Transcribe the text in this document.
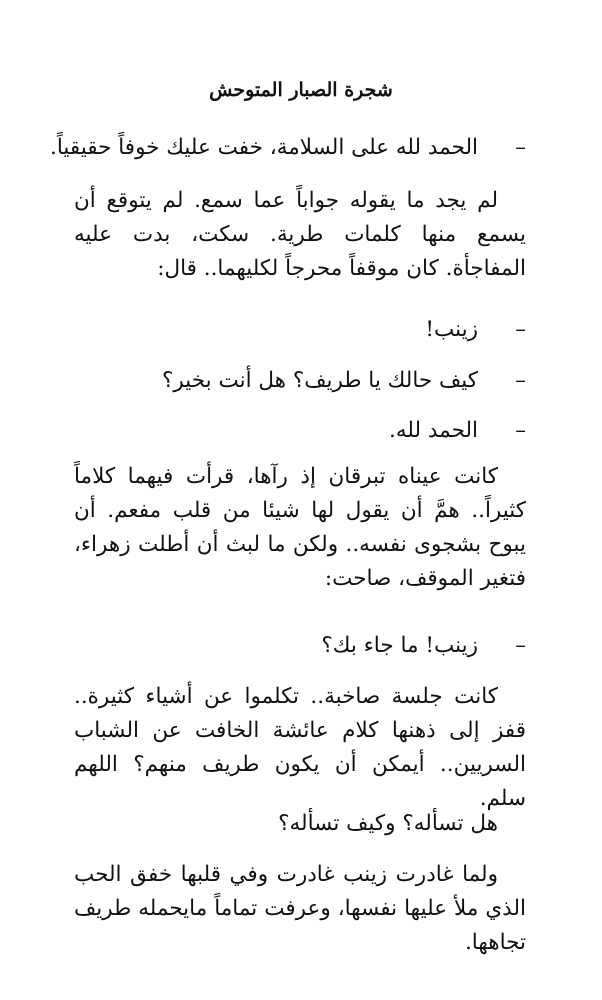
شجرة الصبار المتوحش
–الحمد لله على السلامة، خفت عليك خوفاً حقيقياً.
لم يجد ما يقوله جواباً عما سمع. لم يتوقع أن يسمع منها كلمات طرية. سكت، بدت عليه المفاجأة. كان موقفاً محرجاً لكليهما.. قال:
–زينب!
–كيف حالك يا طريف؟ هل أنت بخير؟
–الحمد لله.
كانت عيناه تبرقان إذ رآها، قرأت فيهما كلاماً كثيراً.. همَّ أن يقول لها شيئا من قلب مفعم. أن يبوح بشجوى نفسه.. ولكن ما لبث أن أطلت زهراء، فتغير الموقف، صاحت:
–زينب! ما جاء بك؟
كانت جلسة صاخبة.. تكلموا عن أشياء كثيرة.. قفز إلى ذهنها كلام عائشة الخافت عن الشباب السريين.. أيمكن أن يكون طريف منهم؟ اللهم سلم.
هل تسأله؟ وكيف تسأله؟
ولما غادرت زينب غادرت وفي قلبها خفق الحب الذي ملأ عليها نفسها، وعرفت تماماً مايحمله طريف تجاهها.
